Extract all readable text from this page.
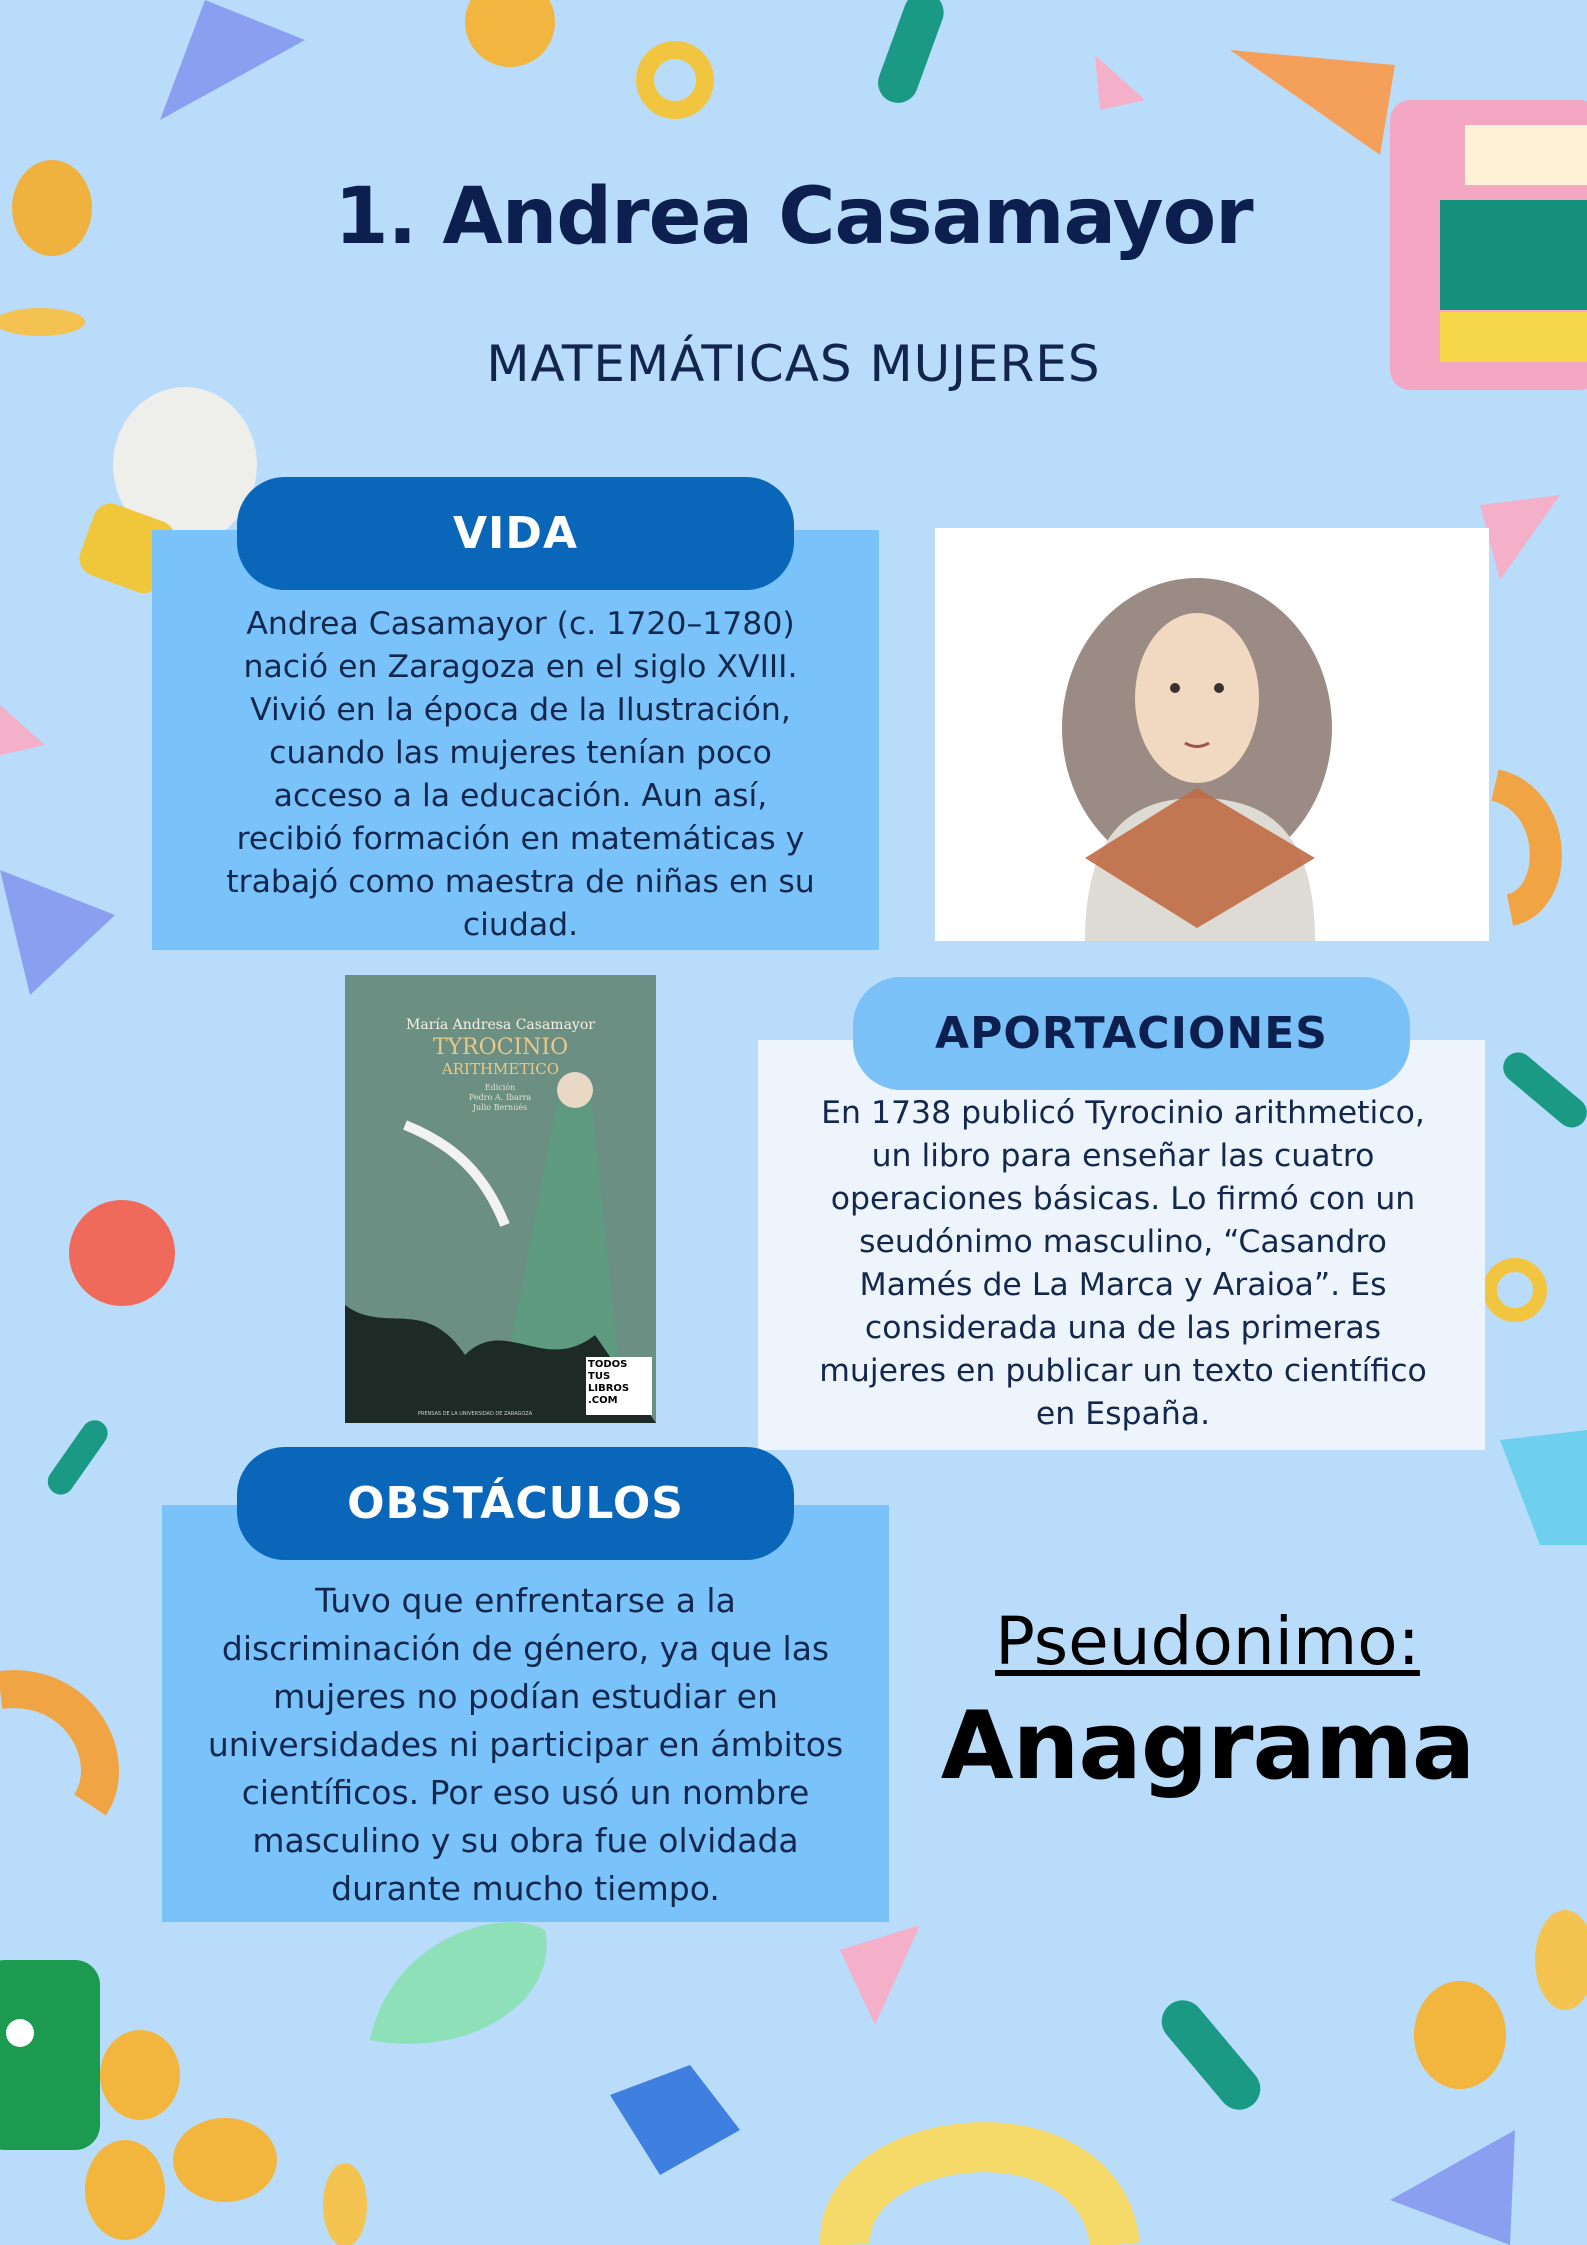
1. Andrea Casamayor
MATEMÁTICAS MUJERES
VIDA
Andrea Casamayor (c. 1720–1780) nació en Zaragoza en el siglo XVIII. Vivió en la época de la Ilustración, cuando las mujeres tenían poco acceso a la educación. Aun así, recibió formación en matemáticas y trabajó como maestra de niñas en su ciudad.
María Andresa Casamayor
TYROCINIO
ARITHMETICO
Edición
Pedro A. Ibarra
Julio Bernués
TODOS TUS LIBROS .COM
PRENSAS DE LA UNIVERSIDAD DE ZARAGOZA
APORTACIONES
En 1738 publicó Tyrocinio arithmetico, un libro para enseñar las cuatro operaciones básicas. Lo firmó con un seudónimo masculino, “Casandro Mamés de La Marca y Araioa”. Es considerada una de las primeras mujeres en publicar un texto científico en España.
OBSTÁCULOS
Tuvo que enfrentarse a la discriminación de género, ya que las mujeres no podían estudiar en universidades ni participar en ámbitos científicos. Por eso usó un nombre masculino y su obra fue olvidada durante mucho tiempo.
Pseudonimo:
Anagrama
